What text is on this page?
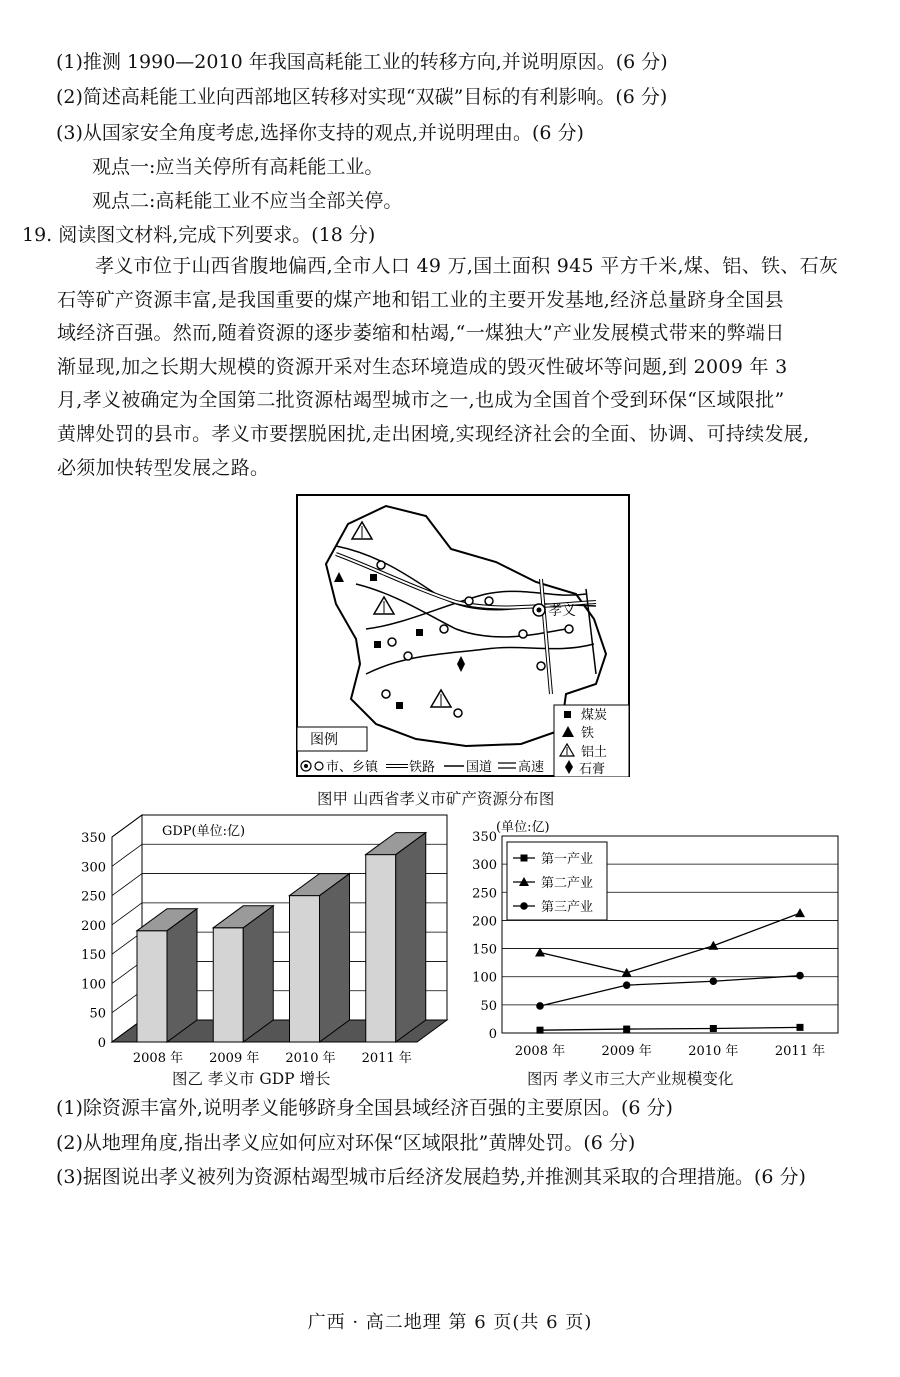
(1)推测 1990—2010 年我国高耗能工业的转移方向,并说明原因。(6 分)
(2)简述高耗能工业向西部地区转移对实现“双碳”目标的有利影响。(6 分)
(3)从国家安全角度考虑,选择你支持的观点,并说明理由。(6 分)
观点一:应当关停所有高耗能工业。
观点二:高耗能工业不应当全部关停。
19. 阅读图文材料,完成下列要求。(18 分)
孝义市位于山西省腹地偏西,全市人口 49 万,国土面积 945 平方千米,煤、铝、铁、石灰
石等矿产资源丰富,是我国重要的煤产地和铝工业的主要开发基地,经济总量跻身全国县
域经济百强。然而,随着资源的逐步萎缩和枯竭,“一煤独大”产业发展模式带来的弊端日
渐显现,加之长期大规模的资源开采对生态环境造成的毁灭性破坏等问题,到 2009 年 3
月,孝义被确定为全国第二批资源枯竭型城市之一,也成为全国首个受到环保“区域限批”
黄牌处罚的县市。孝义市要摆脱困扰,走出困境,实现经济社会的全面、协调、可持续发展,
必须加快转型发展之路。
孝义
图例
煤炭
铁
铝土
石膏
市、乡镇 铁路 国道 高速
图甲 山西省孝义市矿产资源分布图
0
50
100
150
200
250
300
350	GDP(单位:亿)
2008 年 2009 年 2010 年 2011 年
图乙 孝义市 GDP 增长
0
50
100
150
200
250
300
350
(单位:亿)
2008 年	2009 年	2010 年	2011 年
第一产业
第二产业
第三产业
图丙 孝义市三大产业规模变化
(1)除资源丰富外,说明孝义能够跻身全国县域经济百强的主要原因。(6 分)
(2)从地理角度,指出孝义应如何应对环保“区域限批”黄牌处罚。(6 分)
(3)据图说出孝义被列为资源枯竭型城市后经济发展趋势,并推测其采取的合理措施。(6 分)
广西 · 高二地理 第 6 页(共 6 页)
